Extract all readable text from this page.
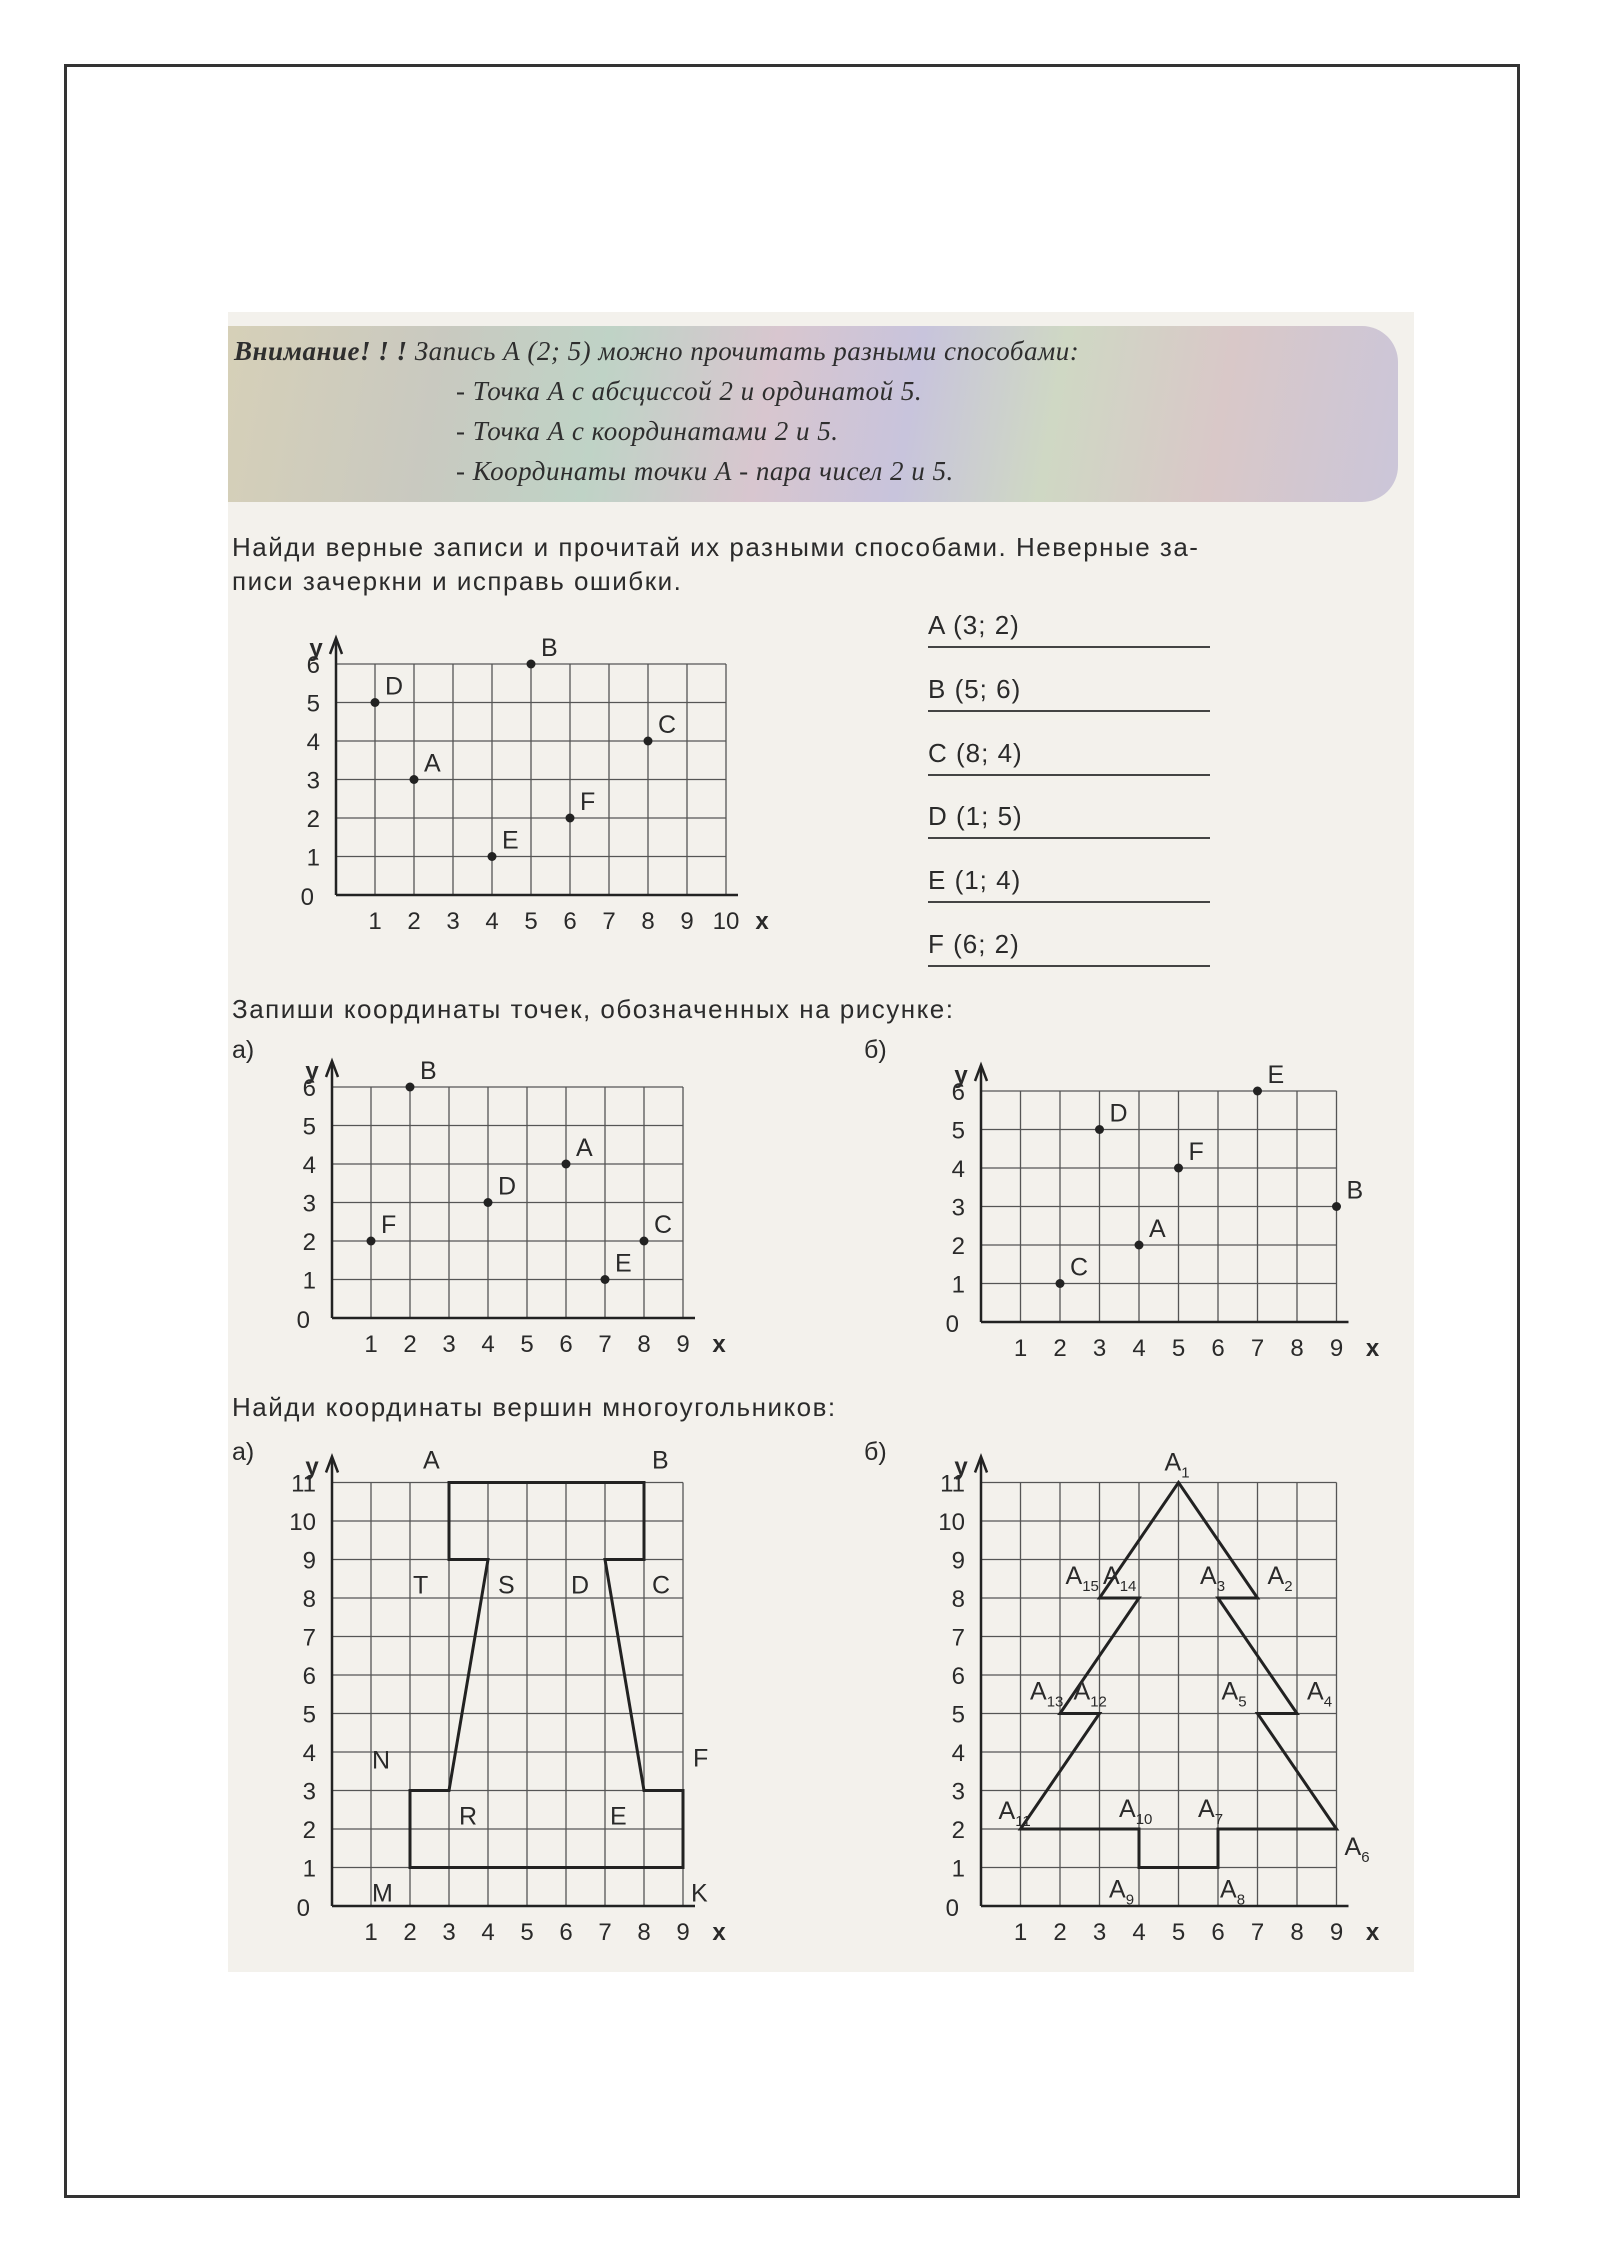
Внимание! ! ! Запись А (2; 5) можно прочитать разными способами:
- Точка А с абсциссой 2 и ординатой 5.
- Точка А с координатами 2 и 5.
- Координаты точки А - пара чисел 2 и 5.
Найди верные записи и прочитай их разными способами. Неверные за-
писи зачеркни и исправь ошибки.
1 2 3 4 5 6 7 8 9 10
1
2
3
4
5
6
0
x
y
D
B
A
C
F
E
A (3; 2)
B (5; 6)
C (8; 4)
D (1; 5)
E (1; 4)
F (6; 2)
Запиши координаты точек, обозначенных на рисунке:
а)	б)
1 2 3 4 5 6 7 8 9
1
2
3
4
5
6
0
x
y	B
A
D
F	C
E
1 2 3 4 5 6 7 8 9
1
2
3
4
5
6
0
x
y
D
E
F
B
A
C
Найди координаты вершин многоугольников:
а)	б)
1 2 3 4 5 6 7 8 9
1
2
3
4
5
6
7
8
9
10
11
0
x
y	A	B
C
D
E
F
K
M
N
R
S
T
1 2 3 4 5 6 7 8 9
1
2
3
4
5
6
7
8
9
10
11
0
x
y	$A_1$
$A_2$
$A_3$
$A_4$
$A_5$
$A_6$
$A_7$
$A_8$
$A_9$
$A_{10}$
$A_{11}$
$A_{12}$
$A_{13}$
$A_{14}$
$A_{15}$
